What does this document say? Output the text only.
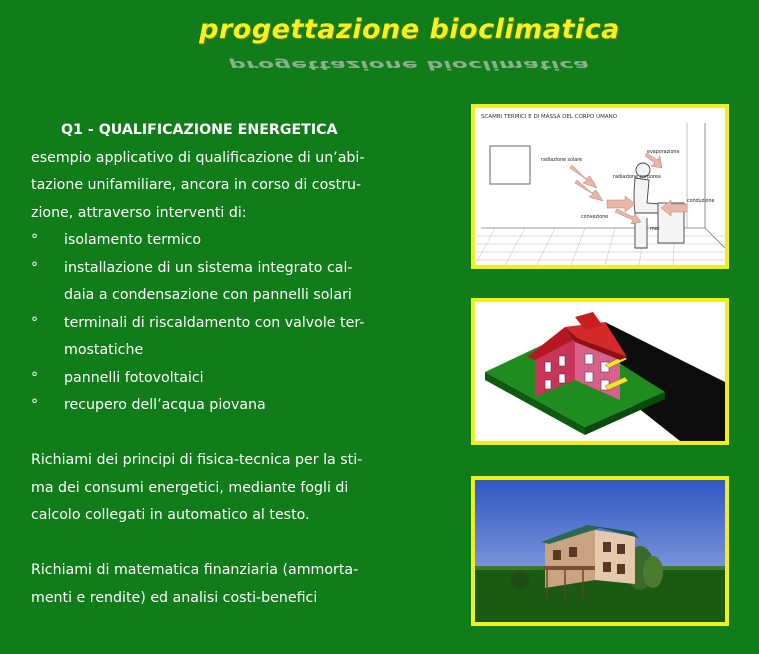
progettazione bioclimatica
progettazione bioclimatica

Q1 - QUALIFICAZIONE ENERGETICA

esempio applicativo di qualificazione di un’abi-

tazione unifamiliare, ancora in corso di costru-

zione, attraverso interventi di:

° isolamento termico
° installazione di un sistema integrato cal-
daia a condensazione con pannelli solari
° terminali di riscaldamento con valvole ter-
mostatiche
° pannelli fotovoltaici
° recupero dell’acqua piovana

Richiami dei principi di fisica-tecnica per la sti-

ma dei consumi energetici, mediante fogli di

calcolo collegati in automatico al testo.

Richiami di matematica finanziaria (ammorta-

menti e rendite) ed analisi costi-benefici

SCAMBI TERMICI E DI MASSA DEL CORPO UMANO
radiazione solare
evaporazione
radiazione corporea
convezione
conduzione
met
